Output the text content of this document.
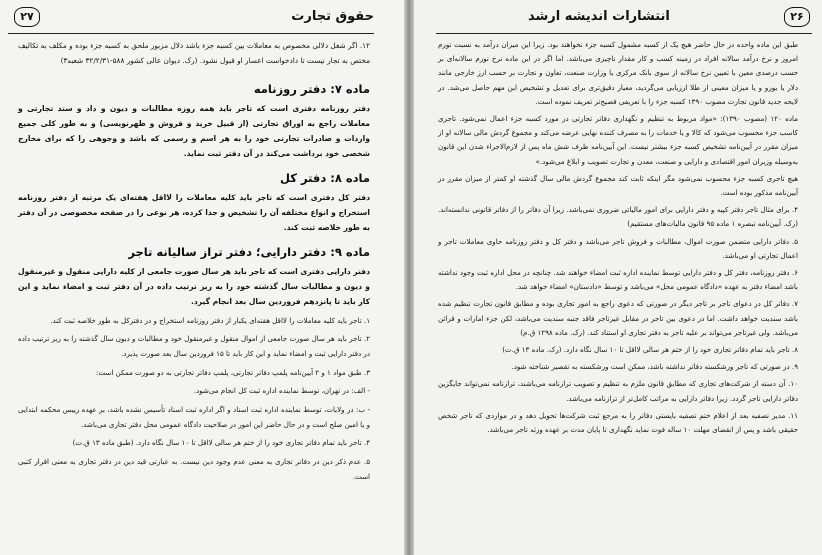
۲۷	حقوق تجارت

۱۲. اگر شغل دلالی مخصوص به معاملات بین کسبه جزء باشد دلال مزبور ملحق به کسبه جزء بوده و مکلف به تکالیف مختص به تجار نیست تا دادخواست اعسار او قبول نشود. (رک. دیوان عالی کشور ۵۸۸-۳۲/۲/۳۱ شعبه۳)

ماده ۷: دفتر روزنامه

دفتر روزنامه دفتری است که تاجر باید همه روزه مطالبات و دیون و داد و ستد تجارتی و معاملات راجع به اوراق تجارتی (از قبیل خرید و فروش و ظهرنویسی) و به طور کلی جمیع واردات و صادرات تجارتی خود را به هر اسم و رسمی که باشد و وجوهی را که برای مخارج شخصی خود برداشت می‌کند در آن دفتر ثبت نماید.

ماده ۸: دفتر کل

دفتر کل دفتری است که تاجر باید کلیه معاملات را لااقل هفته‌ای یک مرتبه از دفتر روزنامه استخراج و انواع مختلفه آن را تشخیص و جدا کرده، هر نوعی را در صفحه مخصوصی در آن دفتر به طور خلاصه ثبت کند.

ماده ۹: دفتر دارایی؛ دفتر تراز سالیانه تاجر

دفتر دارایی دفتری است که تاجر باید هر سال صورت جامعی از کلیه دارایی منقول و غیرمنقول و دیون و مطالبات سال گذشته خود را به ریز ترتیب داده در آن دفتر ثبت و امضاء نماید و این کار باید تا پانزدهم فروردین سال بعد انجام گیرد.

۱. تاجر باید کلیه معاملات را لااقل هفته‌ای یکبار از دفتر روزنامه استخراج و در دفترکل به طور خلاصه ثبت کند.

۲. تاجر باید هر سال صورت جامعی از اموال منقول و غیرمنقول خود و مطالبات و دیون سال گذشته را به ریز ترتیب داده در دفتر دارایی ثبت و امضاء نماید و این کار باید تا ۱۵ فروردین سال بعد صورت پذیرد.

۳. طبق مواد ۱ و ۲ آیین‌نامه پلمپ دفاتر تجارتی، پلمپ دفاتر تجارتی به دو صورت ممکن است:

- الف: در تهران، توسط نماینده اداره ثبت کل انجام می‌شود.

- ب: در ولایات، توسط نماینده اداره ثبت اسناد و اگر اداره ثبت اسناد تأسیس نشده باشد، بر عهده رییس محکمه ابتدایی و یا امین صلح است و در حال حاضر این امور در صلاحیت دادگاه عمومی محل دفتر تجاری می‌باشد.

۴. تاجر باید تمام دفاتر تجاری خود را از ختم هر سالی لااقل تا ۱۰ سال نگاه دارد. (طبق ماده ۱۳ ق.ت)

۵. عدم ذکر دین در دفاتر تجاری به معنی عدم وجود دین نیست. به عبارتی قید دین در دفتر تجاری به معنی اقرار کتبی است.

انتشارات اندیشه ارشد	۲۶

طبق این ماده واحده در حال حاضر هیچ یک از کسبه مشمول کسبه جزء نخواهند بود. زیرا این میزان درآمد به نسبت تورم امروز و نرخ درآمد سالانه افراد در زمینه کسب و کار مقدار ناچیزی می‌باشد. اما اگر در این ماده نرخ تورم سالانه‌ای بر حسب درصدی معین با تعیین نرخ سالانه از سوی بانک مرکزی یا وزارت صنعت، تعاون و تجارت بر حسب ارز خارجی مانند دلار یا یورو و یا میزان معینی از طلا ارزیابی می‌گردید، معیار دقیق‌تری برای تعدیل و تشخیص این مهم حاصل می‌شد. در لایحه جدید قانون تجارت مصوب ۱۳۹۰ کسبه جزء را با تعریفی فصیح‌تر تعریف نموده است.

ماده ۱۲۰ (مصوب ۱۳۹۰): «مواد مربوط به تنظیم و نگهداری دفاتر تجارتی در مورد کسبه جزء اعمال نمی‌شود. تاجری کاسب جزء محسوب می‌شود که کالا و یا خدمات را به مصرف کننده نهایی عرضه می‌کند و مجموع گردش مالی سالانه او از میزان مقرر در آیین‌نامه تشخیص کسبه جزء بیشتر نیست. این آیین‌نامه ظرف شش ماه پس از لازم‌الاجراء شدن این قانون به‌وسیله وزیران امور اقتصادی و دارایی و صنعت، معدن و تجارت تصویب و ابلاغ می‌شود.»

هیچ تاجری کسبه جزء محسوب نمی‌شود مگر اینکه ثابت کند مجموع گردش مالی سال گذشته او کمتر از میزان مقرر در آیین‌نامه مذکور بوده است.

۴. برای مثال تاجر دفتر کپیه و دفتر دارایی برای امور مالیاتی ضروری نمی‌باشد. زیرا آن دفاتر را از دفاتر قانونی ندانسته‌اند. (رک. آیین‌نامه تبصره ۱ ماده ۹۵ قانون مالیات‌های مستقیم)

۵. دفاتر دارایی متضمن صورت اموال، مطالبات و فروش تاجر می‌باشد و دفتر کل و دفتر روزنامه حاوی معاملات تاجر و اعمال تجارتی او می‌باشد.

۶. دفتر روزنامه، دفتر کل و دفتر دارایی توسط نماینده اداره ثبت امضاء خواهند شد. چنانچه در محل اداره ثبت وجود نداشته باشد امضاء دفتر به عهده «دادگاه عمومی محل» می‌باشد و توسط «دادستان» امضاء خواهد شد.

۷. دفاتر کل در دعوای تاجر بر تاجر دیگر در صورتی که دعوی راجع به امور تجاری بوده و مطابق قانون تجارت تنظیم شده باشد سندیت خواهد داشت. اما در دعوی بین تاجر در مقابل غیرتاجر فاقد جنبه سندیت می‌باشد، لکن جزء امارات و قرائن می‌باشد. ولی غیرتاجر می‌تواند بر علیه تاجر به دفتر تجاری او استناد کند. (رک. ماده ۱۲۹۸ ق.م)

۸. تاجر باید تمام دفاتر تجاری خود را از ختم هر سالی لااقل تا ۱۰ سال نگاه دارد. (رک. ماده ۱۳ ق.ت)

۹. در صورتی که تاجر ورشکسته دفاتر نداشته باشد، ممکن است ورشکسته به تقصیر شناخته شود.

۱۰. آن دسته از شرکت‌های تجاری که مطابق قانون ملزم به تنظیم و تصویب ترازنامه می‌باشند، ترازنامه نمی‌تواند جایگزین دفاتر دارایی تاجر گردد. زیرا دفاتر دارایی به مراتب کامل‌تر از ترازنامه می‌باشد.

۱۱. مدیر تصفیه بعد از اعلام ختم تصفیه بایستی دفاتر را به مرجع ثبت شرکت‌ها تحویل دهد و در مواردی که تاجر شخص حقیقی باشد و پس از انقضای مهلت ۱۰ ساله فوت نماید نگهداری تا پایان مدت بر عهده ورثه تاجر می‌باشد.
